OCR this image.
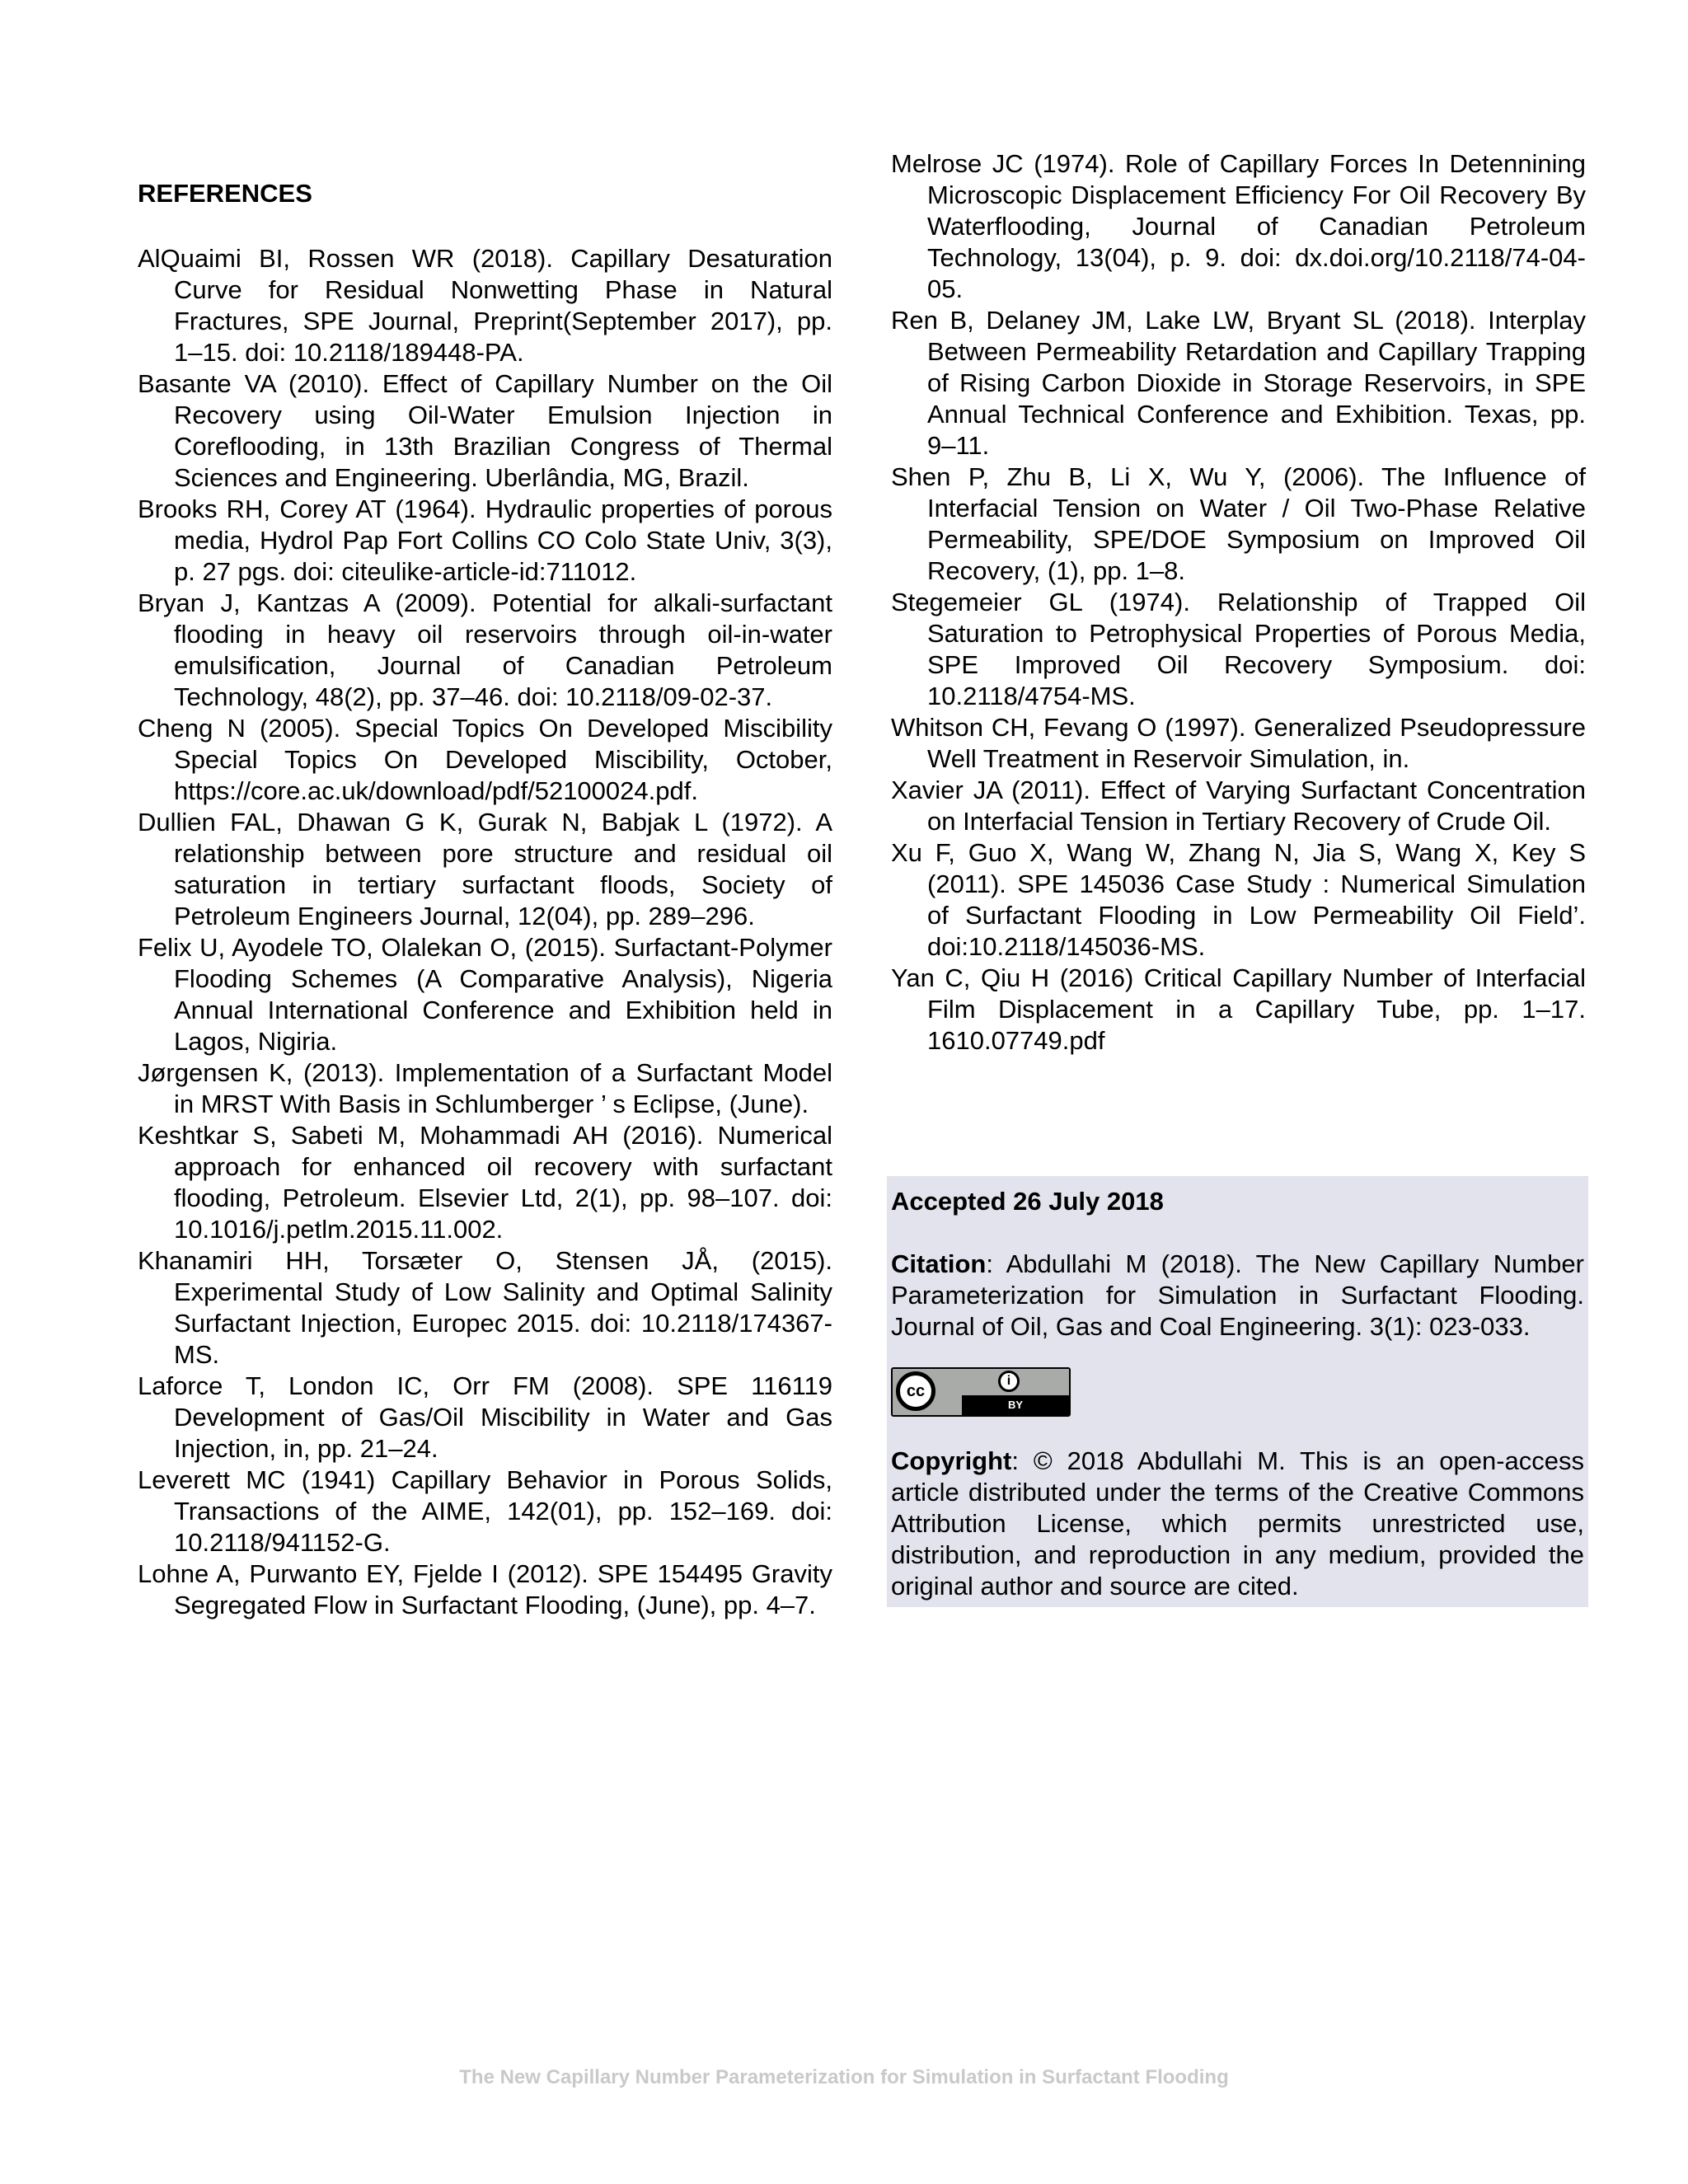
REFERENCES

AlQuaimi BI, Rossen WR (2018). Capillary Desaturation Curve for Residual Nonwetting Phase in Natural Fractures, SPE Journal, Preprint(September 2017), pp. 1–15. doi: 10.2118/189448-PA.

Basante VA (2010). Effect of Capillary Number on the Oil Recovery using Oil-Water Emulsion Injection in Coreflooding, in 13th Brazilian Congress of Thermal Sciences and Engineering. Uberlândia, MG, Brazil.

Brooks RH, Corey AT (1964). Hydraulic properties of porous media, Hydrol Pap Fort Collins CO Colo State Univ, 3(3), p. 27 pgs. doi: citeulike-article-id:711012.

Bryan J, Kantzas A (2009). Potential for alkali-surfactant flooding in heavy oil reservoirs through oil-in-water emulsification, Journal of Canadian Petroleum Technology, 48(2), pp. 37–46. doi: 10.2118/09-02-37.

Cheng N (2005). Special Topics On Developed Miscibility Special Topics On Developed Miscibility, October, https://core.ac.uk/download/pdf/52100024.pdf.

Dullien FAL, Dhawan G K, Gurak N, Babjak L (1972). A relationship between pore structure and residual oil saturation in tertiary surfactant floods, Society of Petroleum Engineers Journal, 12(04), pp. 289–296.

Felix U, Ayodele TO, Olalekan O, (2015). Surfactant-Polymer Flooding Schemes (A Comparative Analysis), Nigeria Annual International Conference and Exhibition held in Lagos, Nigiria.

Jørgensen K, (2013). Implementation of a Surfactant Model in MRST With Basis in Schlumberger ’ s Eclipse, (June).

Keshtkar S, Sabeti M, Mohammadi AH (2016). Numerical approach for enhanced oil recovery with surfactant flooding, Petroleum. Elsevier Ltd, 2(1), pp. 98–107. doi: 10.1016/j.petlm.2015.11.002.

Khanamiri HH, Torsæter O, Stensen JÅ, (2015). Experimental Study of Low Salinity and Optimal Salinity Surfactant Injection, Europec 2015. doi: 10.2118/174367-MS.

Laforce T, London IC, Orr FM (2008). SPE 116119 Development of Gas/Oil Miscibility in Water and Gas Injection, in, pp. 21–24.

Leverett MC (1941) Capillary Behavior in Porous Solids, Transactions of the AIME, 142(01), pp. 152–169. doi: 10.2118/941152-G.

Lohne A, Purwanto EY, Fjelde I (2012). SPE 154495 Gravity Segregated Flow in Surfactant Flooding, (June), pp. 4–7.

Melrose JC (1974). Role of Capillary Forces In Detennining Microscopic Displacement Efficiency For Oil Recovery By Waterflooding, Journal of Canadian Petroleum Technology, 13(04), p. 9. doi: dx.doi.org/10.2118/74-04-05.

Ren B, Delaney JM, Lake LW, Bryant SL (2018). Interplay Between Permeability Retardation and Capillary Trapping of Rising Carbon Dioxide in Storage Reservoirs, in SPE Annual Technical Conference and Exhibition. Texas, pp. 9–11.

Shen P, Zhu B, Li X, Wu Y, (2006). The Influence of Interfacial Tension on Water / Oil Two-Phase Relative Permeability, SPE/DOE Symposium on Improved Oil Recovery, (1), pp. 1–8.

Stegemeier GL (1974). Relationship of Trapped Oil Saturation to Petrophysical Properties of Porous Media, SPE Improved Oil Recovery Symposium. doi: 10.2118/4754-MS.

Whitson CH, Fevang O (1997). Generalized Pseudopressure Well Treatment in Reservoir Simulation, in.

Xavier JA (2011). Effect of Varying Surfactant Concentration on Interfacial Tension in Tertiary Recovery of Crude Oil.

Xu F, Guo X, Wang W, Zhang N, Jia S, Wang X, Key S (2011). SPE 145036 Case Study : Numerical Simulation of Surfactant Flooding in Low Permeability Oil Field’. doi:10.2118/145036-MS.

Yan C, Qiu H (2016) Critical Capillary Number of Interfacial Film Displacement in a Capillary Tube, pp. 1–17. 1610.07749.pdf

Accepted 26 July 2018

Citation: Abdullahi M (2018). The New Capillary Number Parameterization for Simulation in Surfactant Flooding. Journal of Oil, Gas and Coal Engineering. 3(1): 023-033.

cc
i
BY

Copyright: © 2018 Abdullahi M. This is an open-access article distributed under the terms of the Creative Commons Attribution License, which permits unrestricted use, distribution, and reproduction in any medium, provided the original author and source are cited.

The New Capillary Number Parameterization for Simulation in Surfactant Flooding
